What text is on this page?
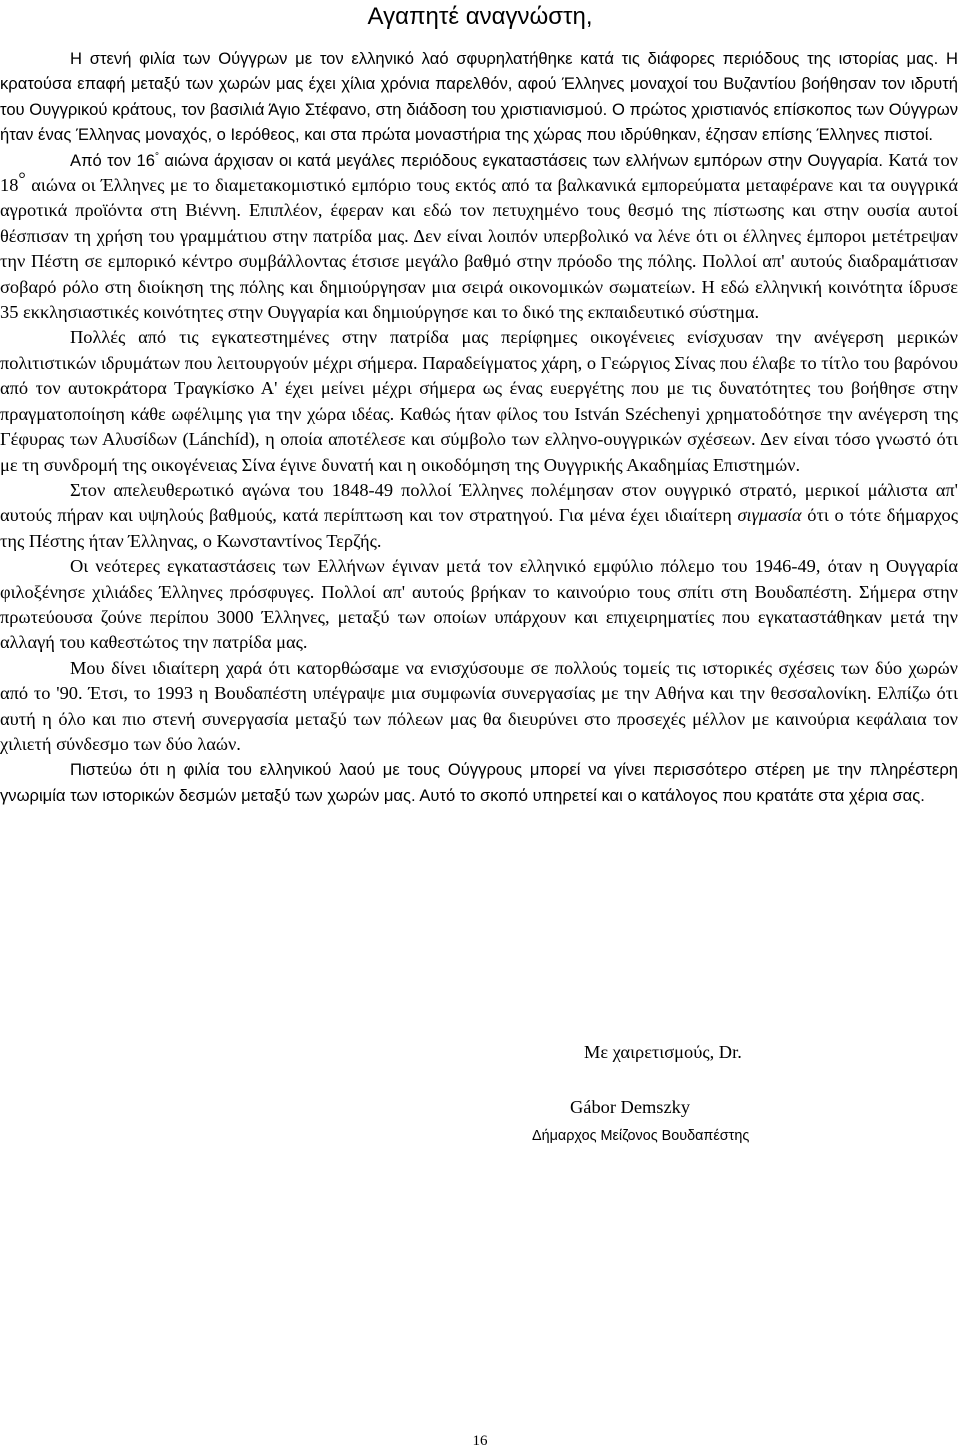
Αγαπητέ αναγνώστη,

Η στενή φιλία των Ούγγρων με τον ελληνικό λαό σφυρηλατήθηκε κατά τις διάφορες περιόδους της ιστορίας μας. Η κρατούσα επαφή μεταξύ των χωρών μας έχει χίλια χρόνια παρελθόν, αφού Έλληνες μοναχοί του Βυζαντίου βοήθησαν τον ιδρυτή του Ουγγρικού κράτους, τον βασιλιά Άγιο Στέφανο, στη διάδοση του χριστιανισμού. Ο πρώτος χριστιανός επίσκοπος των Ούγγρων ήταν ένας Έλληνας μοναχός, ο Ιερόθεος, και στα πρώτα μοναστήρια της χώρας που ιδρύθηκαν, έζησαν επίσης Έλληνες πιστοί.

Από τον 16° αιώνα άρχισαν οι κατά μεγάλες περιόδους εγκαταστάσεις των ελλήνων εμπόρων στην Ουγγαρία. Κατά τον 18° αιώνα οι Έλληνες με το διαμετακομιστικό εμπόριο τους εκτός από τα βαλκανικά εμπορεύματα μεταφέρανε και τα ουγγρικά αγροτικά προϊόντα στη Βιέννη. Επιπλέον, έφεραν και εδώ τον πετυχημένο τους θεσμό της πίστωσης και στην ουσία αυτοί θέσπισαν τη χρήση του γραμμάτιου στην πατρίδα μας. Δεν είναι λοιπόν υπερβολικό να λένε ότι οι έλληνες έμποροι μετέτρεψαν την Πέστη σε εμπορικό κέντρο συμβάλλοντας έτσισε μεγάλο βαθμό στην πρόοδο της πόλης. Πολλοί απ' αυτούς διαδραμάτισαν σοβαρό ρόλο στη διοίκηση της πόλης και δημιούργησαν μια σειρά οικονομικών σωματείων. Η εδώ ελληνική κοινότητα ίδρυσε 35 εκκλησιαστικές κοινότητες στην Ουγγαρία και δημιούργησε και το δικό της εκπαιδευτικό σύστημα.

Πολλές από τις εγκατεστημένες στην πατρίδα μας περίφημες οικογένειες ενίσχυσαν την ανέγερση μερικών πολιτιστικών ιδρυμάτων που λειτουργούν μέχρι σήμερα. Παραδείγματος χάρη, ο Γεώργιος Σίνας που έλαβε το τίτλο του βαρόνου από τον αυτοκράτορα Τραγκίσκο Α' έχει μείνει μέχρι σήμερα ως ένας ευεργέτης που με τις δυνατότητες του βοήθησε στην πραγματοποίηση κάθε ωφέλιμης για την χώρα ιδέας. Καθώς ήταν φίλος του István Széchenyi χρηματοδότησε την ανέγερση της Γέφυρας των Αλυσίδων (Lánchíd), η οποία αποτέλεσε και σύμβολο των ελληνο-ουγγρικών σχέσεων. Δεν είναι τόσο γνωστό ότι με τη συνδρομή της οικογένειας Σίνα έγινε δυνατή και η οικοδόμηση της Ουγγρικής Ακαδημίας Επιστημών.

Στον απελευθερωτικό αγώνα του 1848-49 πολλοί Έλληνες πολέμησαν στον ουγγρικό στρατό, μερικοί μάλιστα απ' αυτούς πήραν και υψηλούς βαθμούς, κατά περίπτωση και τον στρατηγού. Για μένα έχει ιδιαίτερη σιγμασία ότι ο τότε δήμαρχος της Πέστης ήταν Έλληνας, ο Κωνσταντίνος Τερζής.

Οι νεότερες εγκαταστάσεις των Ελλήνων έγιναν μετά τον ελληνικό εμφύλιο πόλεμο του 1946-49, όταν η Ουγγαρία φιλοξένησε χιλιάδες Έλληνες πρόσφυγες. Πολλοί απ' αυτούς βρήκαν το καινούριο τους σπίτι στη Βουδαπέστη. Σήμερα στην πρωτεύουσα ζούνε περίπου 3000 Έλληνες, μεταξύ των οποίων υπάρχουν και επιχειρηματίες που εγκαταστάθηκαν μετά την αλλαγή του καθεστώτος την πατρίδα μας.

Μου δίνει ιδιαίτερη χαρά ότι κατορθώσαμε να ενισχύσουμε σε πολλούς τομείς τις ιστορικές σχέσεις των δύο χωρών από το '90. Έτσι, το 1993 η Βουδαπέστη υπέγραψε μια συμφωνία συνεργασίας με την Αθήνα και την θεσσαλονίκη. Ελπίζω ότι αυτή η όλο και πιο στενή συνεργασία μεταξύ των πόλεων μας θα διευρύνει στο προσεχές μέλλον με καινούρια κεφάλαια τον χιλιετή σύνδεσμο των δύο λαών.

Πιστεύω ότι η φιλία του ελληνικού λαού με τους Ούγγρους μπορεί να γίνει περισσότερο στέρεη με την πληρέστερη γνωριμία των ιστορικών δεσμών μεταξύ των χωρών μας. Αυτό το σκοπό υπηρετεί και ο κατάλογος που κρατάτε στα χέρια σας.

Με χαιρετισμούς, Dr.

Gábor Demszky

Δήμαρχος Μείζονος Βουδαπέστης

16
